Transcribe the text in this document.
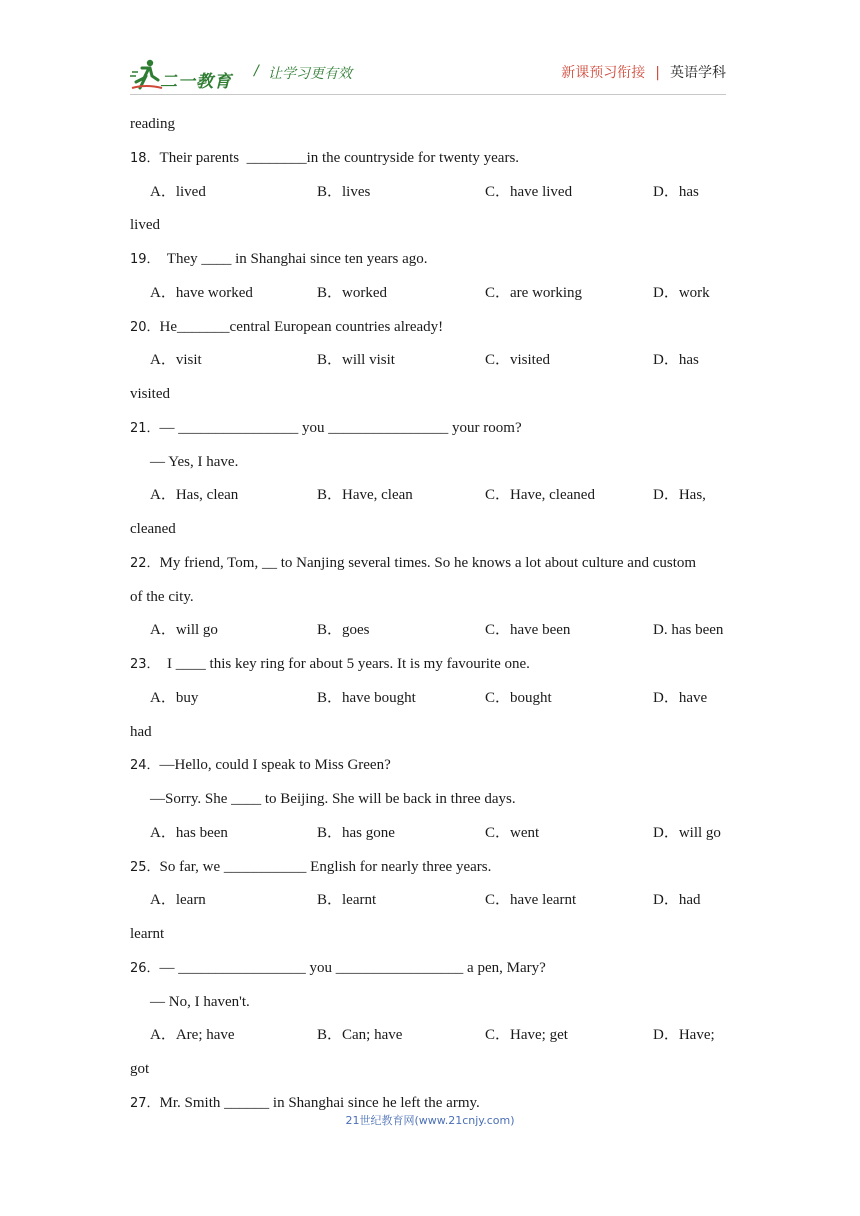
二一教育
/ 让学习更有效	新课预习衔接 | 英语学科
reading
18．Their parents  ________in the countryside for twenty years.
A．lived	B．lives	C．have lived	D．has
lived
19．  They ____ in Shanghai since ten years ago.
A．have worked	B．worked	C．are working	D．work
20．He_______central European countries already!
A．visit	B．will visit	C．visited	D．has
visited
21．— ________________ you ________________ your room?
— Yes, I have.
A．Has, clean	B．Have, clean	C．Have, cleaned	D．Has,
cleaned
22．My friend, Tom, __ to Nanjing several times. So he knows a lot about culture and custom
of the city.
A．will go	B．goes	C．have been	D. has been
23．  I ____ this key ring for about 5 years. It is my favourite one.
A．buy	B．have bought	C．bought	D．have
had
24．—Hello, could I speak to Miss Green?
—Sorry. She ____ to Beijing. She will be back in three days.
A．has been	B．has gone	C．went	D．will go
25．So far, we ___________ English for nearly three years.
A．learn	B．learnt	C．have learnt	D．had
learnt
26．— _________________ you _________________ a pen, Mary?
— No, I haven't.
A．Are; have	B．Can; have	C．Have; get	D．Have;
got
27．Mr. Smith ______ in Shanghai since he left the army.
21世纪教育网(www.21cnjy.com)
